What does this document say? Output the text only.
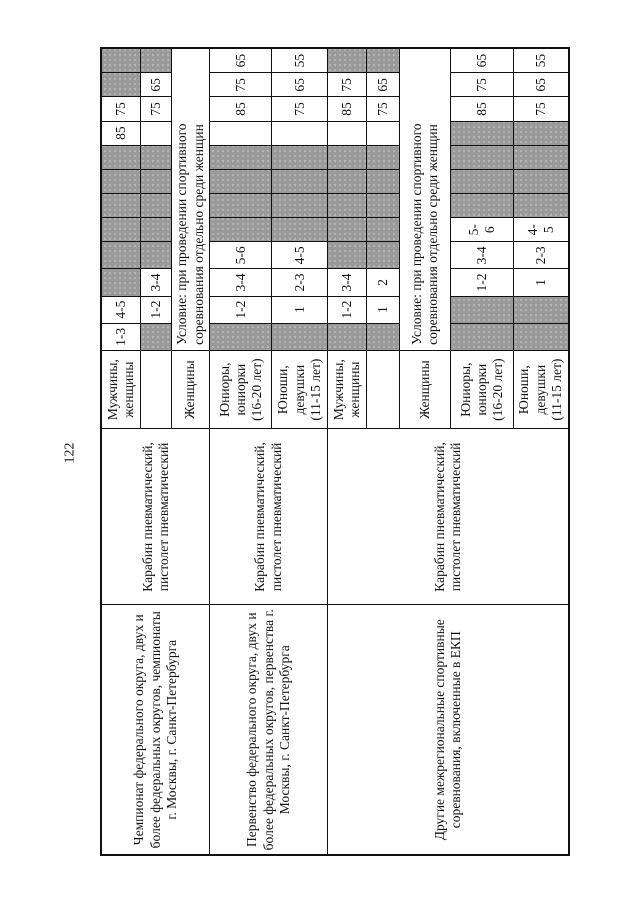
122
Чемпионат федерального округа, двух и более федеральных округов, чемпионаты г. Москвы, г. Санкт-Петербурга	Карабин пневматический, пистолет пневматический	Мужчины, женщины	1-3	4-5							85	75		
				1-2	3-4							75	65	
		Женщины	Условие: при проведении спортивного соревнования отдельно среди женщин											
Первенство федерального округа, двух и более федеральных округов, первенства г. Москвы, г. Санкт-Петербурга	Карабин пневматический, пистолет пневматический	Юниоры, юниорки (16-20 лет)		1-2	3-4	5-6						85	75	65
		Юноши, девушки (11-15 лет)		1	2-3	4-5						75	65	55
Другие межрегиональные спортивные соревнования, включенные в ЕКП	Карабин пневматический, пистолет пневматический	Мужчины, женщины		1-2	3-4							85	75	
				1	2							75	65	
		Женщины	Условие: при проведении спортивного соревнования отдельно среди женщин											
		Юниоры, юниорки (16-20 лет)			1-2	3-4	5-6					85	75	65
		Юноши, девушки (11-15 лет)			1	2-3	4-5					75	65	55
